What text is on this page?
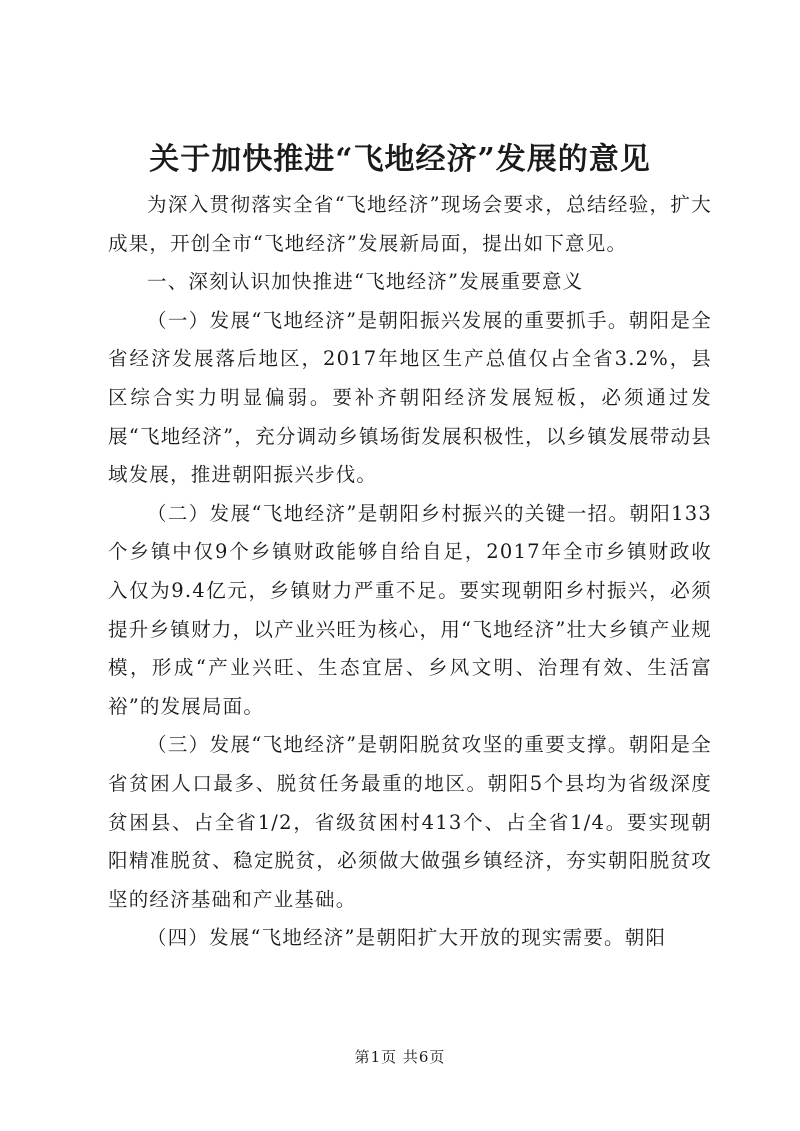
关于加快推进“飞地经济”发展的意见

为深入贯彻落实全省“飞地经济”现场会要求，总结经验，扩大成果，开创全市“飞地经济”发展新局面，提出如下意见。

一、深刻认识加快推进“飞地经济”发展重要意义

（一）发展“飞地经济”是朝阳振兴发展的重要抓手。朝阳是全省经济发展落后地区，2017年地区生产总值仅占全省3.2%，县区综合实力明显偏弱。要补齐朝阳经济发展短板，必须通过发展“飞地经济”，充分调动乡镇场街发展积极性，以乡镇发展带动县域发展，推进朝阳振兴步伐。

（二）发展“飞地经济”是朝阳乡村振兴的关键一招。朝阳133个乡镇中仅9个乡镇财政能够自给自足，2017年全市乡镇财政收入仅为9.4亿元，乡镇财力严重不足。要实现朝阳乡村振兴，必须提升乡镇财力，以产业兴旺为核心，用“飞地经济”壮大乡镇产业规模，形成“产业兴旺、生态宜居、乡风文明、治理有效、生活富裕”的发展局面。

（三）发展“飞地经济”是朝阳脱贫攻坚的重要支撑。朝阳是全省贫困人口最多、脱贫任务最重的地区。朝阳5个县均为省级深度贫困县、占全省1/2，省级贫困村413个、占全省1/4。要实现朝阳精准脱贫、稳定脱贫，必须做大做强乡镇经济，夯实朝阳脱贫攻坚的经济基础和产业基础。

（四）发展“飞地经济”是朝阳扩大开放的现实需要。朝阳

第1页 共6页
